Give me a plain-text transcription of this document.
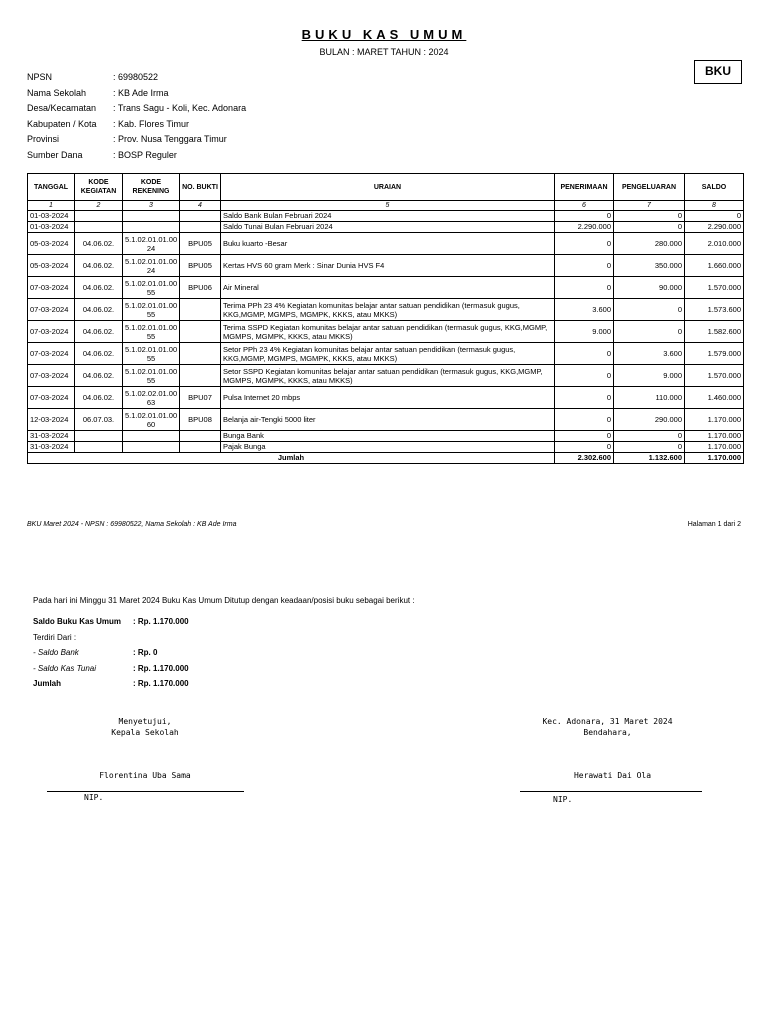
BUKU KAS UMUM
BULAN : MARET TAHUN : 2024
BKU
NPSN	: 69980522
Nama Sekolah	: KB Ade Irma
Desa/Kecamatan : Trans Sagu - Koli, Kec. Adonara
Kabupaten / Kota : Kab. Flores Timur
Provinsi	: Prov. Nusa Tenggara Timur
Sumber Dana	: BOSP Reguler
TANGGAL	KODE KEGIATAN	KODE REKENING	NO. BUKTI	URAIAN	PENERIMAAN	PENGELUARAN	SALDO
1	2	3	4	5	6	7	8
01-03-2024				Saldo Bank Bulan Februari 2024	0	0	0
01-03-2024				Saldo Tunai Bulan Februari 2024	2.290.000	0	2.290.000
05-03-2024	04.06.02.	5.1.02.01.01.00 24	BPU05	Buku kuarto -Besar	0	280.000	2.010.000
05-03-2024	04.06.02.	5.1.02.01.01.00 24	BPU05	Kertas HVS 60 gram Merk : Sinar Dunia HVS F4	0	350.000	1.660.000
07-03-2024	04.06.02.	5.1.02.01.01.00 55	BPU06	Air Mineral	0	90.000	1.570.000
07-03-2024	04.06.02.	5.1.02.01.01.00 55		Terima PPh 23 4% Kegiatan komunitas belajar antar satuan pendidikan (termasuk gugus, KKG,MGMP, MGMPS, MGMPK, KKKS, atau MKKS)	3.600	0	1.573.600
07-03-2024	04.06.02.	5.1.02.01.01.00 55		Terima SSPD Kegiatan komunitas belajar antar satuan pendidikan (termasuk gugus, KKG,MGMP, MGMPS, MGMPK, KKKS, atau MKKS)	9.000	0	1.582.600
07-03-2024	04.06.02.	5.1.02.01.01.00 55		Setor PPh 23 4% Kegiatan komunitas belajar antar satuan pendidikan (termasuk gugus, KKG,MGMP, MGMPS, MGMPK, KKKS, atau MKKS)	0	3.600	1.579.000
07-03-2024	04.06.02.	5.1.02.01.01.00 55		Setor SSPD Kegiatan komunitas belajar antar satuan pendidikan (termasuk gugus, KKG,MGMP, MGMPS, MGMPK, KKKS, atau MKKS)	0	9.000	1.570.000
07-03-2024	04.06.02.	5.1.02.02.01.00 63	BPU07	Pulsa Internet 20 mbps	0	110.000	1.460.000
12-03-2024	06.07.03.	5.1.02.01.01.00 60	BPU08	Belanja air-Tengki 5000 liter	0	290.000	1.170.000
31-03-2024				Bunga Bank	0	0	1.170.000
31-03-2024				Pajak Bunga	0	0	1.170.000
Jumlah					2.302.600	1.132.600	1.170.000
BKU Maret 2024 - NPSN : 69980522, Nama Sekolah : KB Ade Irma	Halaman 1 dari 2
Pada hari ini Minggu 31 Maret 2024 Buku Kas Umum Ditutup dengan keadaan/posisi buku sebagai berikut :
Saldo Buku Kas Umum : Rp. 1.170.000
Terdiri Dari :
- Saldo Bank	: Rp. 0
- Saldo Kas Tunai	: Rp. 1.170.000
Jumlah	: Rp. 1.170.000
Menyetujui,
Kepala Sekolah
Florentina Uba Sama
NIP.
Kec. Adonara, 31 Maret 2024
Bendahara,
Herawati Dai Ola
NIP.
